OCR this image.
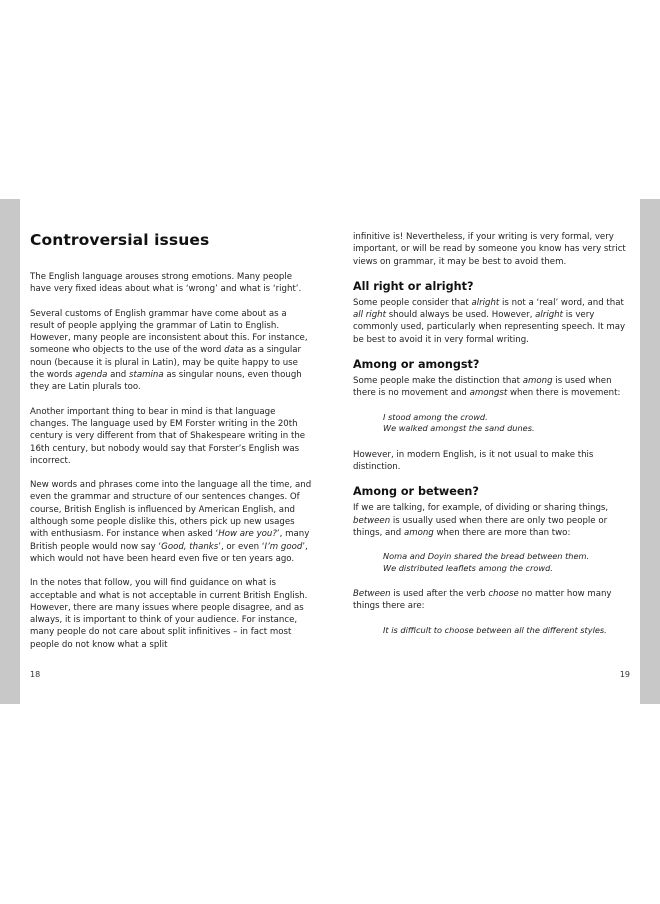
Controversial issues

The English language arouses strong emotions. Many people have very fixed ideas about what is ‘wrong’ and what is ‘right’.

Several customs of English grammar have come about as a result of people applying the grammar of Latin to English. However, many people are inconsistent about this. For instance, someone who objects to the use of the word data as a singular noun (because it is plural in Latin), may be quite happy to use the words agenda and stamina as singular nouns, even though they are Latin plurals too.

Another important thing to bear in mind is that language changes. The language used by EM Forster writing in the 20th century is very different from that of Shakespeare writing in the 16th century, but nobody would say that Forster’s English was incorrect.

New words and phrases come into the language all the time, and even the grammar and structure of our sentences changes. Of course, British English is influenced by American English, and although some people dislike this, others pick up new usages with enthusiasm. For instance when asked ‘How are you?’, many British people would now say ‘Good, thanks’, or even ‘I’m good’, which would not have been heard even five or ten years ago.

In the notes that follow, you will find guidance on what is acceptable and what is not acceptable in current British English. However, there are many issues where people disagree, and as always, it is important to think of your audience. For instance, many people do not care about split infinitives – in fact most people do not know what a split

infinitive is! Nevertheless, if your writing is very formal, very important, or will be read by someone you know has very strict views on grammar, it may be best to avoid them.

All right or alright?

Some people consider that alright is not a ‘real’ word, and that all right should always be used. However, alright is very commonly used, particularly when representing speech. It may be best to avoid it in very formal writing.

Among or amongst?

Some people make the distinction that among is used when there is no movement and amongst when there is movement:

I stood among the crowd.
We walked amongst the sand dunes.

However, in modern English, is it not usual to make this distinction.

Among or between?

If we are talking, for example, of dividing or sharing things, between is usually used when there are only two people or things, and among when there are more than two:

Noma and Doyin shared the bread between them.
We distributed leaflets among the crowd.

Between is used after the verb choose no matter how many things there are:

It is difficult to choose between all the different styles.
18	19
